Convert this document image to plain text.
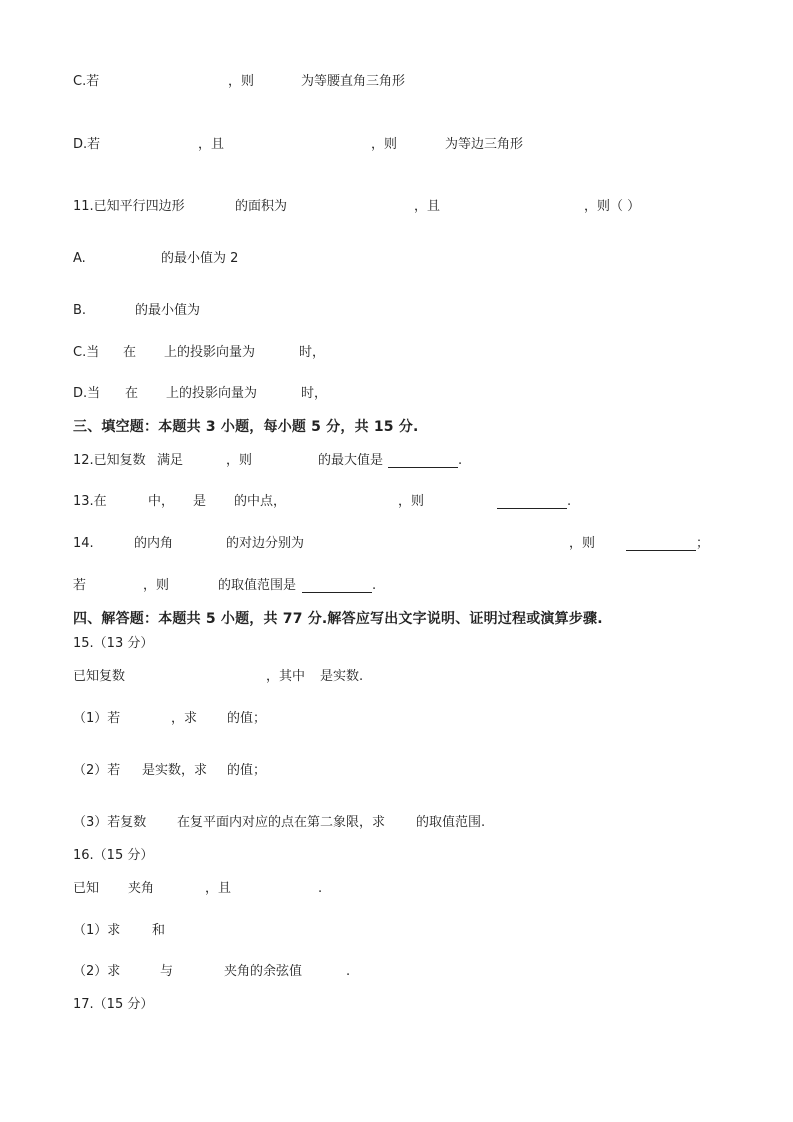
C.若	，则	为等腰直角三角形
D.若	，且	，则	为等边三角形
11.已知平行四边形	的面积为	，且	，则（ ）
A.	的最小值为 2
B.	的最小值为
C.当 在 上的投影向量为	时，
D.当 在 上的投影向量为	时，
三、填空题：本题共 3 小题，每小题 5 分，共 15 分.
12.已知复数 满足	，则	的最大值是	.
13.在	中， 是 的中点，	，则	.
14.	的内角	的对边分别为	，则	；
若	，则	的取值范围是	.
四、解答题：本题共 5 小题，共 77 分.解答应写出文字说明、证明过程或演算步骤.
15.（13 分）
已知复数	，其中 是实数.
（1）若	，求 的值；
（2）若 是实数，求 的值；
（3）若复数 在复平面内对应的点在第二象限，求 的取值范围.
16.（15 分）
已知 夹角	，且	.
（1）求 和
（2）求	与	夹角的余弦值	.
17.（15 分）
